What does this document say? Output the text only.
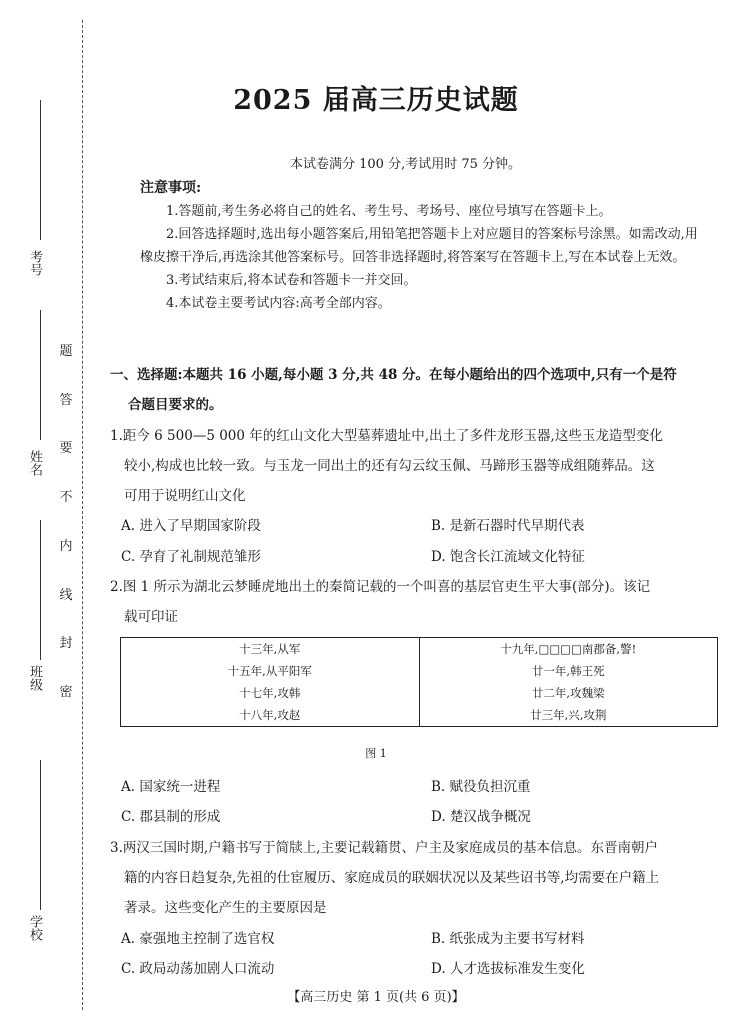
考号
姓名
班级
学校
题
答
要
不
内
线
封
密
2025 届高三历史试题
本试卷满分 100 分,考试用时 75 分钟。
注意事项:

1.答题前,考生务必将自己的姓名、考生号、考场号、座位号填写在答题卡上。

2.回答选择题时,选出每小题答案后,用铅笔把答题卡上对应题目的答案标号涂黑。如需改动,用橡皮擦干净后,再选涂其他答案标号。回答非选择题时,将答案写在答题卡上,写在本试卷上无效。

3.考试结束后,将本试卷和答题卡一并交回。

4.本试卷主要考试内容:高考全部内容。

一、选择题:本题共 16 小题,每小题 3 分,共 48 分。在每小题给出的四个选项中,只有一个是符
合题目要求的。
1.距今 6 500—5 000 年的红山文化大型墓葬遗址中,出土了多件龙形玉器,这些玉龙造型变化
较小,构成也比较一致。与玉龙一同出土的还有勾云纹玉佩、马蹄形玉器等成组随葬品。这
可用于说明红山文化
A. 进入了早期国家阶段	B. 是新石器时代早期代表
C. 孕育了礼制规范雏形	D. 饱含长江流域文化特征
2.图 1 所示为湖北云梦睡虎地出土的秦简记载的一个叫喜的基层官吏生平大事(部分)。该记
载可印证
十三年,从军	十九年,□□□□南郡备,警!
十五年,从平阳军	廿一年,韩王死
十七年,攻韩	廿二年,攻魏梁
十八年,攻赵	廿三年,兴,攻荆
图 1
A. 国家统一进程	B. 赋役负担沉重
C. 郡县制的形成	D. 楚汉战争概况
3.两汉三国时期,户籍书写于简牍上,主要记载籍贯、户主及家庭成员的基本信息。东晋南朝户
籍的内容日趋复杂,先祖的仕宦履历、家庭成员的联姻状况以及某些诏书等,均需要在户籍上
著录。这些变化产生的主要原因是
A. 豪强地主控制了选官权	B. 纸张成为主要书写材料
C. 政局动荡加剧人口流动	D. 人才选拔标准发生变化
【高三历史 第 1 页(共 6 页)】
